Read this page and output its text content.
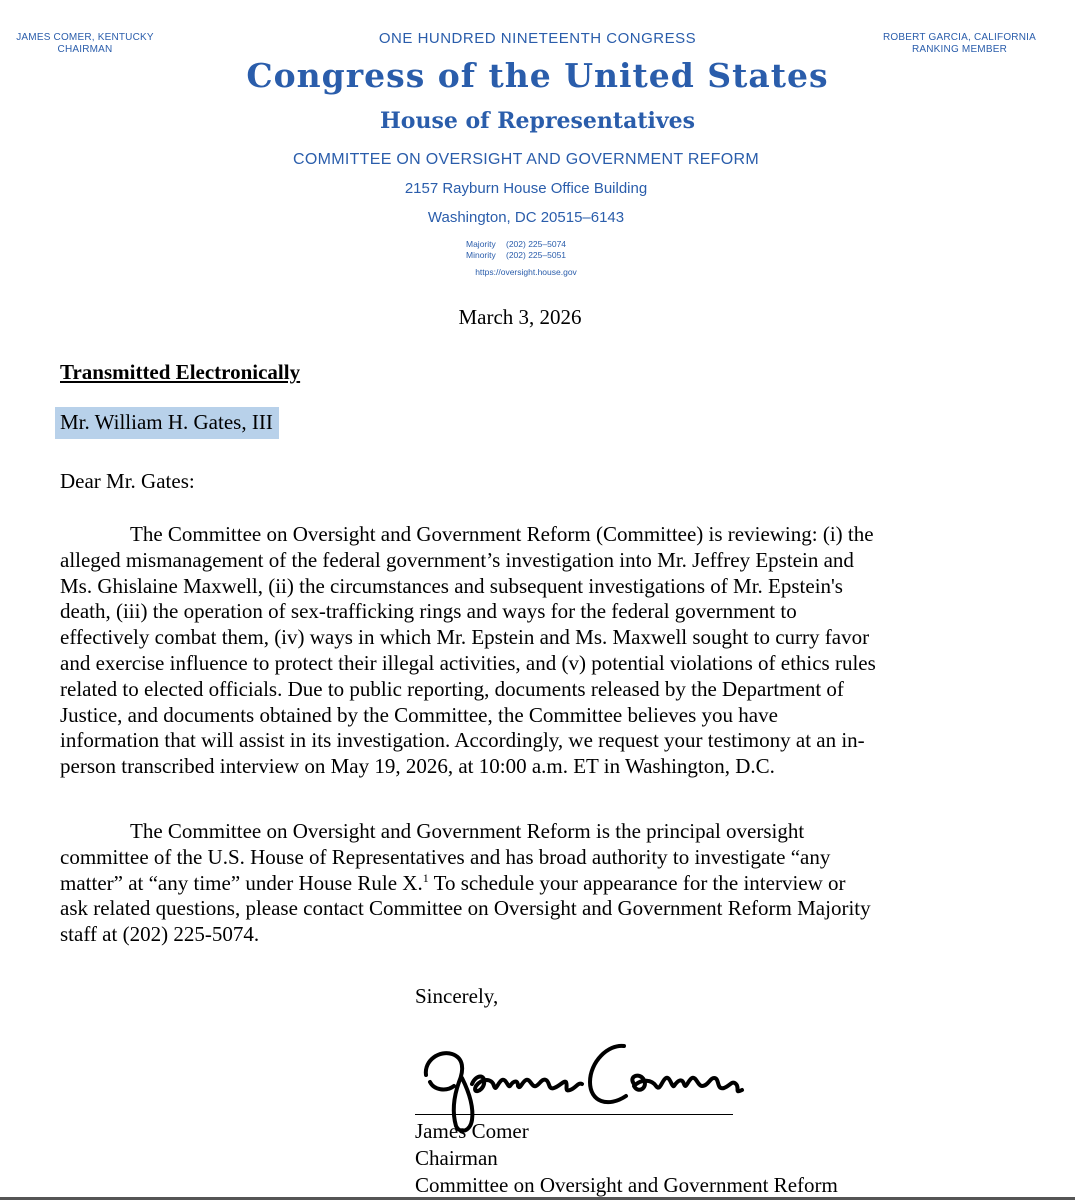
JAMES COMER, KENTUCKY
CHAIRMAN
ROBERT GARCIA, CALIFORNIA
RANKING MEMBER
ONE HUNDRED NINETEENTH CONGRESS
Congress of the United States
House of Representatives
COMMITTEE ON OVERSIGHT AND GOVERNMENT REFORM
2157 Rayburn House Office Building
Washington, DC 20515–6143
Majority (202) 225–5074
Minority (202) 225–5051
https://oversight.house.gov
March 3, 2026
Transmitted Electronically
Mr. William H. Gates, III
Dear Mr. Gates:
The Committee on Oversight and Government Reform (Committee) is reviewing: (i) the
alleged mismanagement of the federal government’s investigation into Mr. Jeffrey Epstein and
Ms. Ghislaine Maxwell, (ii) the circumstances and subsequent investigations of Mr. Epstein's
death, (iii) the operation of sex-trafficking rings and ways for the federal government to
effectively combat them, (iv) ways in which Mr. Epstein and Ms. Maxwell sought to curry favor
and exercise influence to protect their illegal activities, and (v) potential violations of ethics rules
related to elected officials. Due to public reporting, documents released by the Department of
Justice, and documents obtained by the Committee, the Committee believes you have
information that will assist in its investigation. Accordingly, we request your testimony at an in-
person transcribed interview on May 19, 2026, at 10:00 a.m. ET in Washington, D.C.
The Committee on Oversight and Government Reform is the principal oversight
committee of the U.S. House of Representatives and has broad authority to investigate “any
matter” at “any time” under House Rule X.$^1$ To schedule your appearance for the interview or
ask related questions, please contact Committee on Oversight and Government Reform Majority
staff at (202) 225-5074.
Sincerely,
James Comer
Chairman
Committee on Oversight and Government Reform
